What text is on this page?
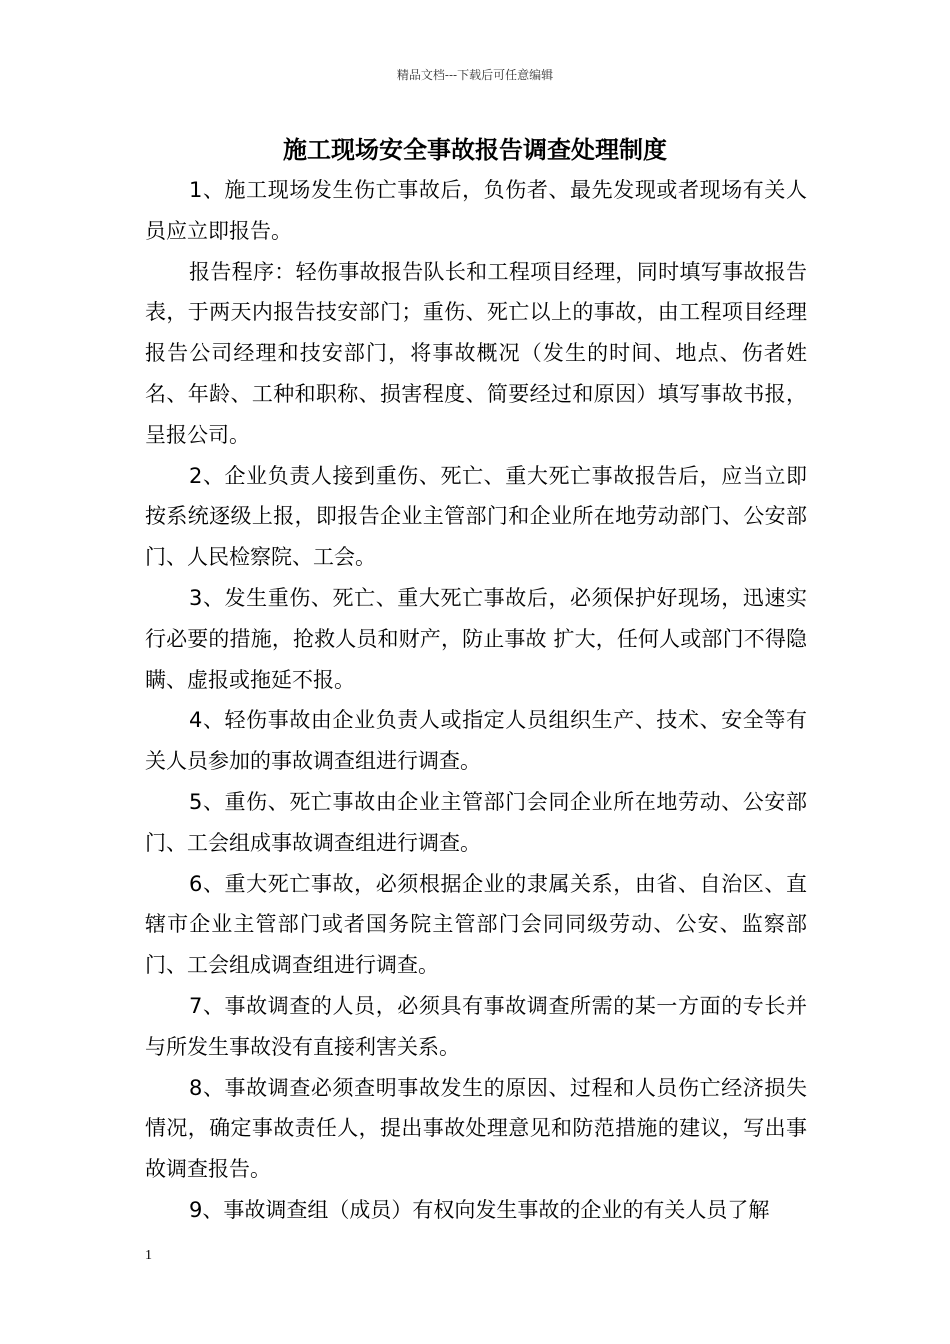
精品文档---下载后可任意编辑
施工现场安全事故报告调查处理制度

1、施工现场发生伤亡事故后，负伤者、最先发现或者现场有关人员应立即报告。

报告程序：轻伤事故报告队长和工程项目经理，同时填写事故报告表，于两天内报告技安部门；重伤、死亡以上的事故，由工程项目经理报告公司经理和技安部门，将事故概况（发生的时间、地点、伤者姓名、年龄、工种和职称、损害程度、简要经过和原因）填写事故书报，呈报公司。

2、企业负责人接到重伤、死亡、重大死亡事故报告后，应当立即按系统逐级上报，即报告企业主管部门和企业所在地劳动部门、公安部门、人民检察院、工会。

3、发生重伤、死亡、重大死亡事故后，必须保护好现场，迅速实行必要的措施，抢救人员和财产，防止事故 扩大，任何人或部门不得隐瞒、虚报或拖延不报。

4、轻伤事故由企业负责人或指定人员组织生产、技术、安全等有关人员参加的事故调查组进行调查。

5、重伤、死亡事故由企业主管部门会同企业所在地劳动、公安部门、工会组成事故调查组进行调查。

6、重大死亡事故，必须根据企业的隶属关系，由省、自治区、直辖市企业主管部门或者国务院主管部门会同同级劳动、公安、监察部门、工会组成调查组进行调查。

7、事故调查的人员，必须具有事故调查所需的某一方面的专长并与所发生事故没有直接利害关系。

8、事故调查必须查明事故发生的原因、过程和人员伤亡经济损失情况，确定事故责任人，提出事故处理意见和防范措施的建议，写出事故调查报告。

9、事故调查组（成员）有权向发生事故的企业的有关人员了解

1
